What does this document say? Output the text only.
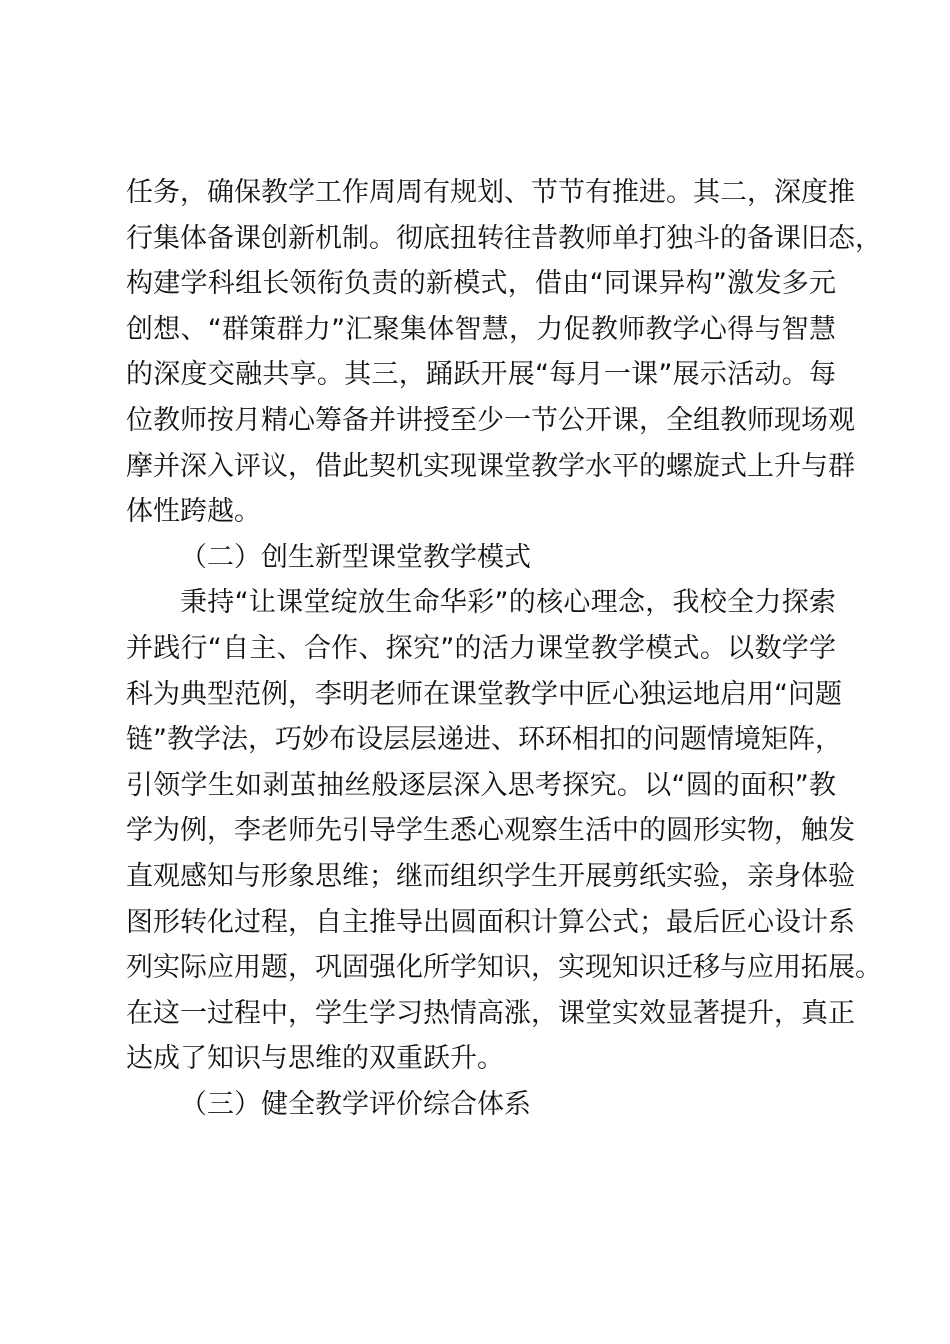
任务，确保教学工作周周有规划、节节有推进。其二，深度推
行集体备课创新机制。彻底扭转往昔教师单打独斗的备课旧态，
构建学科组长领衔负责的新模式，借由“同课异构”激发多元
创想、“群策群力”汇聚集体智慧，力促教师教学心得与智慧
的深度交融共享。其三，踊跃开展“每月一课”展示活动。每
位教师按月精心筹备并讲授至少一节公开课，全组教师现场观
摩并深入评议，借此契机实现课堂教学水平的螺旋式上升与群
体性跨越。
（二）创生新型课堂教学模式
秉持“让课堂绽放生命华彩”的核心理念，我校全力探索
并践行“自主、合作、探究”的活力课堂教学模式。以数学学
科为典型范例，李明老师在课堂教学中匠心独运地启用“问题
链”教学法，巧妙布设层层递进、环环相扣的问题情境矩阵，
引领学生如剥茧抽丝般逐层深入思考探究。以“圆的面积”教
学为例，李老师先引导学生悉心观察生活中的圆形实物，触发
直观感知与形象思维；继而组织学生开展剪纸实验，亲身体验
图形转化过程，自主推导出圆面积计算公式；最后匠心设计系
列实际应用题，巩固强化所学知识，实现知识迁移与应用拓展。
在这一过程中，学生学习热情高涨，课堂实效显著提升，真正
达成了知识与思维的双重跃升。
（三）健全教学评价综合体系
